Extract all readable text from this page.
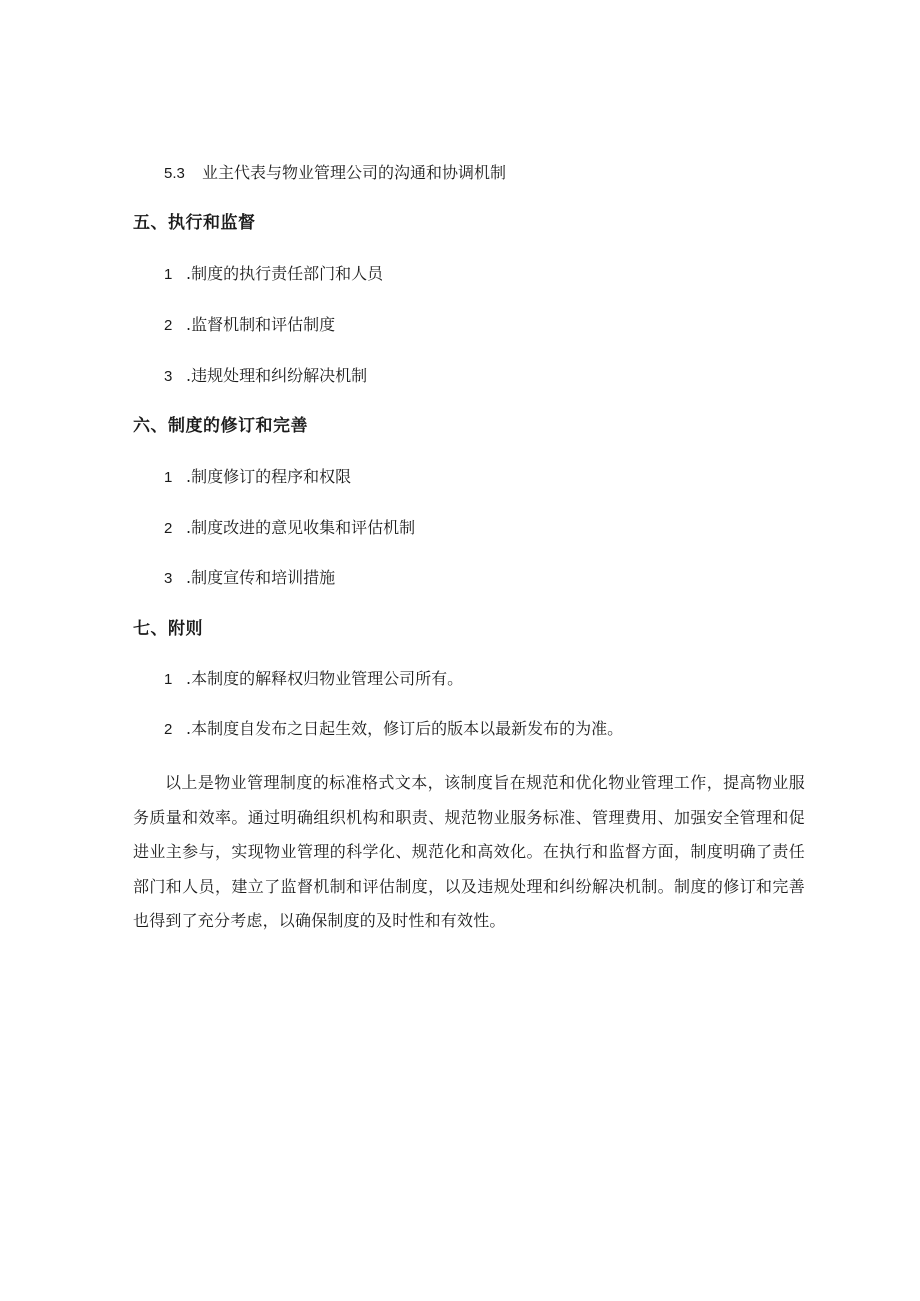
5.3 业主代表与物业管理公司的沟通和协调机制
五、执行和监督
1 .制度的执行责任部门和人员
2 .监督机制和评估制度
3 .违规处理和纠纷解决机制
六、制度的修订和完善
1 .制度修订的程序和权限
2 .制度改进的意见收集和评估机制
3 .制度宣传和培训措施
七、附则
1 .本制度的解释权归物业管理公司所有。
2 .本制度自发布之日起生效，修订后的版本以最新发布的为准。

以上是物业管理制度的标准格式文本，该制度旨在规范和优化物业管理工作，提高物业服务质量和效率。通过明确组织机构和职责、规范物业服务标准、管理费用、加强安全管理和促进业主参与，实现物业管理的科学化、规范化和高效化。在执行和监督方面，制度明确了责任部门和人员，建立了监督机制和评估制度，以及违规处理和纠纷解决机制。制度的修订和完善也得到了充分考虑，以确保制度的及时性和有效性。
